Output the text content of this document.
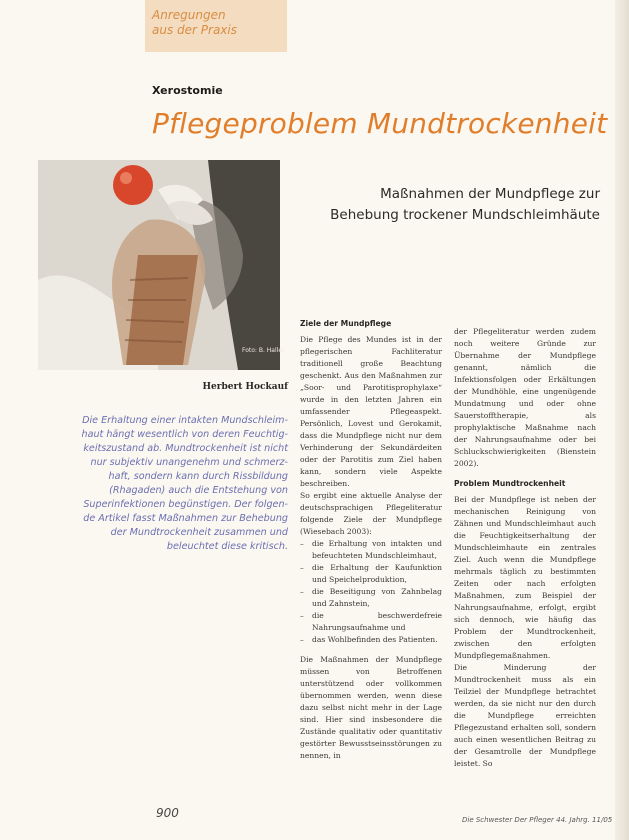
Anregungen
aus der Praxis
Xerostomie
Pflegeproblem Mundtrockenheit
Foto: B. Haller
Maßnahmen der Mundpflege zur
Behebung trockener Mundschleimhäute
Herbert Hockauf

Die Erhaltung einer intakten Mundschleim-

haut hängt wesentlich von deren Feuchtig-

keitszustand ab. Mundtrockenheit ist nicht

nur subjektiv unangenehm und schmerz-

haft, sondern kann durch Rissbildung

(Rhagaden) auch die Entstehung von

Superinfektionen begünstigen. Der folgen-

de Artikel fasst Maßnahmen zur Behebung

der Mundtrockenheit zusammen und

beleuchtet diese kritisch.

Ziele der Mundpflege

Die Pflege des Mundes ist in der pflegerischen Fachliteratur traditionell große Beachtung geschenkt. Aus den Maßnahmen zur „Soor- und Parotitisprophylaxe“ wurde in den letzten Jahren ein umfassender Pflegeaspekt. Persönlich, Lovest und Gerokamit, dass die Mundpflege nicht nur dem Verhinderung der Sekundärdeiten oder der Parotitis zum Ziel haben kann, sondern viele Aspekte beschreiben.

So ergibt eine aktuelle Analyse der deutschsprachigen Pflegeliteratur folgende Ziele der Mundpflege (Wiesebach 2003):

– die Erhaltung von intakten und befeuchteten Mundschleimhaut,
– die Erhaltung der Kaufunktion und Speichelproduktion,
– die Beseitigung von Zahnbelag und Zahnstein,
– die beschwerdefreie Nahrungsaufnahme und
– das Wohlbefinden des Patienten.

Die Maßnahmen der Mundpflege müssen von Betroffenen unterstützend oder vollkommen übernommen werden, wenn diese dazu selbst nicht mehr in der Lage sind. Hier sind insbesondere die Zustände qualitativ oder quantitativ gestörter Bewusstseinsstörungen zu nennen, in

der Pflegeliteratur werden zudem noch weitere Gründe zur Übernahme der Mundpflege genannt, nämlich die Infektionsfolgen oder Erkältungen der Mundhöhle, eine ungenügende Mundatmung und oder ohne Sauerstofftherapie, als prophylaktische Maßnahme nach der Nahrungsaufnahme oder bei Schluckschwierigkeiten (Bienstein 2002).

Problem Mundtrockenheit

Bei der Mundpflege ist neben der mechanischen Reinigung von Zähnen und Mundschleimhaut auch die Feuchtigkeitserhaltung der Mundschleimhaute ein zentrales Ziel. Auch wenn die Mundpflege mehrmals täglich zu bestimmten Zeiten oder nach erfolgten Maßnahmen, zum Beispiel der Nahrungsaufnahme, erfolgt, ergibt sich dennoch, wie häufig das Problem der Mundtrockenheit, zwischen den erfolgten Mundpflegemaßnahmen.

Die Minderung der Mundtrockenheit muss als ein Teilziel der Mundpflege betrachtet werden, da sie nicht nur den durch die Mundpflege erreichten Pflegezustand erhalten soll, sondern auch einen wesentlichen Beitrag zu der Gesamtrolle der Mundpflege leistet. So

900	Die Schwester Der Pfleger 44. Jahrg. 11/05
